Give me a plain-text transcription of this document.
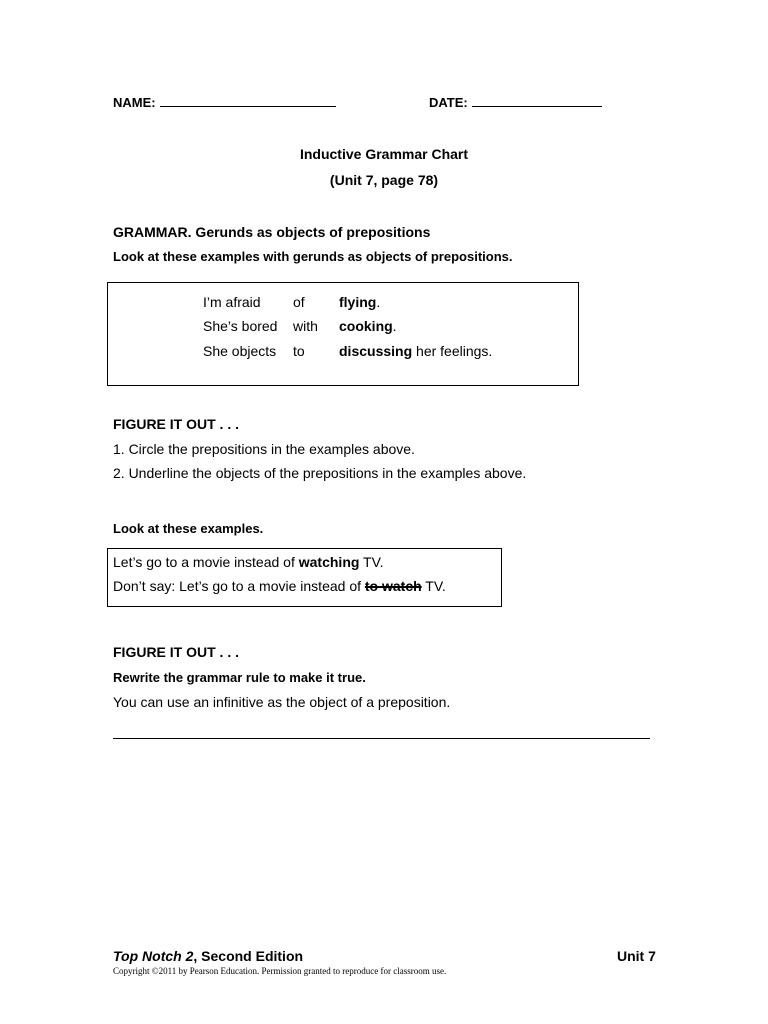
NAME:	DATE:
Inductive Grammar Chart
(Unit 7, page 78)
GRAMMAR. Gerunds as objects of prepositions
Look at these examples with gerunds as objects of prepositions.
I’m afraid of flying.
She’s bored with cooking.
She objects to discussing her feelings.
FIGURE IT OUT . . .
1. Circle the prepositions in the examples above.
2. Underline the objects of the prepositions in the examples above.
Look at these examples.
Let’s go to a movie instead of watching TV.
Don’t say: Let’s go to a movie instead of to watch TV.
FIGURE IT OUT . . .
Rewrite the grammar rule to make it true.
You can use an infinitive as the object of a preposition.
Top Notch 2, Second Edition	Unit 7
Copyright ©2011 by Pearson Education. Permission granted to reproduce for classroom use.
